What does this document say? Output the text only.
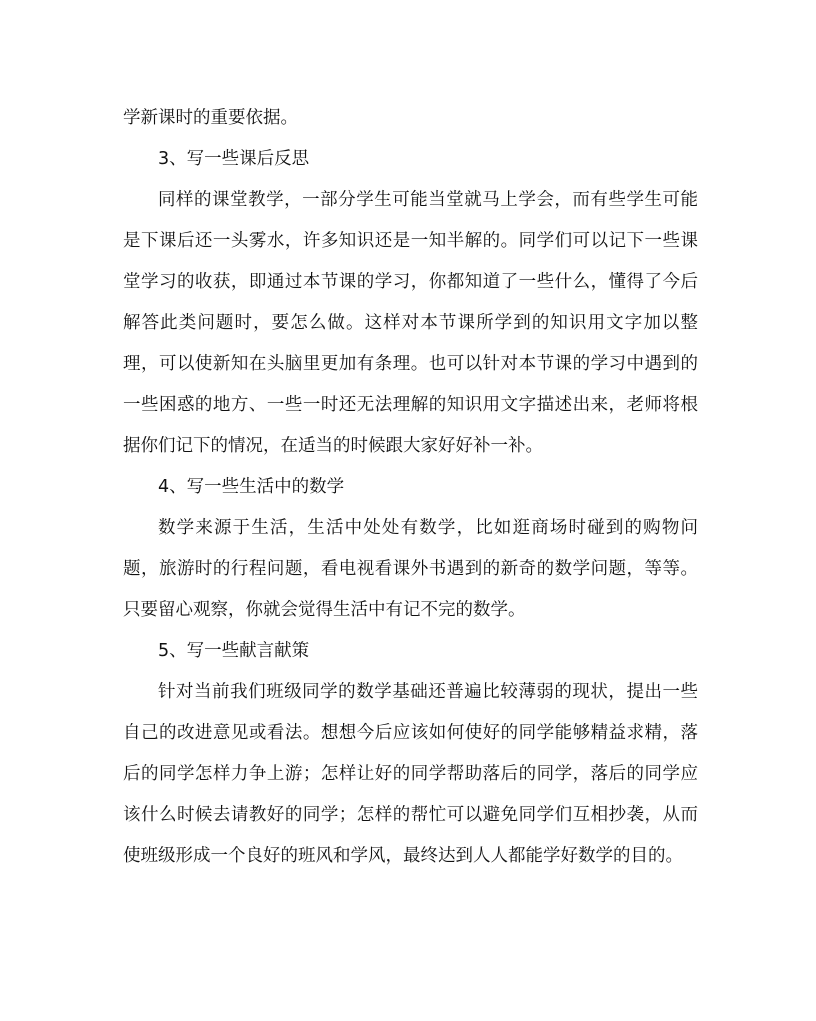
学新课时的重要依据。

3、写一些课后反思

同样的课堂教学，一部分学生可能当堂就马上学会，而有些学生可能是下课后还一头雾水，许多知识还是一知半解的。同学们可以记下一些课堂学习的收获，即通过本节课的学习，你都知道了一些什么，懂得了今后解答此类问题时，要怎么做。这样对本节课所学到的知识用文字加以整理，可以使新知在头脑里更加有条理。也可以针对本节课的学习中遇到的一些困惑的地方、一些一时还无法理解的知识用文字描述出来，老师将根据你们记下的情况，在适当的时候跟大家好好补一补。

4、写一些生活中的数学

数学来源于生活，生活中处处有数学，比如逛商场时碰到的购物问题，旅游时的行程问题，看电视看课外书遇到的新奇的数学问题，等等。只要留心观察，你就会觉得生活中有记不完的数学。

5、写一些献言献策

针对当前我们班级同学的数学基础还普遍比较薄弱的现状，提出一些自己的改进意见或看法。想想今后应该如何使好的同学能够精益求精，落后的同学怎样力争上游；怎样让好的同学帮助落后的同学，落后的同学应该什么时候去请教好的同学；怎样的帮忙可以避免同学们互相抄袭，从而使班级形成一个良好的班风和学风，最终达到人人都能学好数学的目的。
